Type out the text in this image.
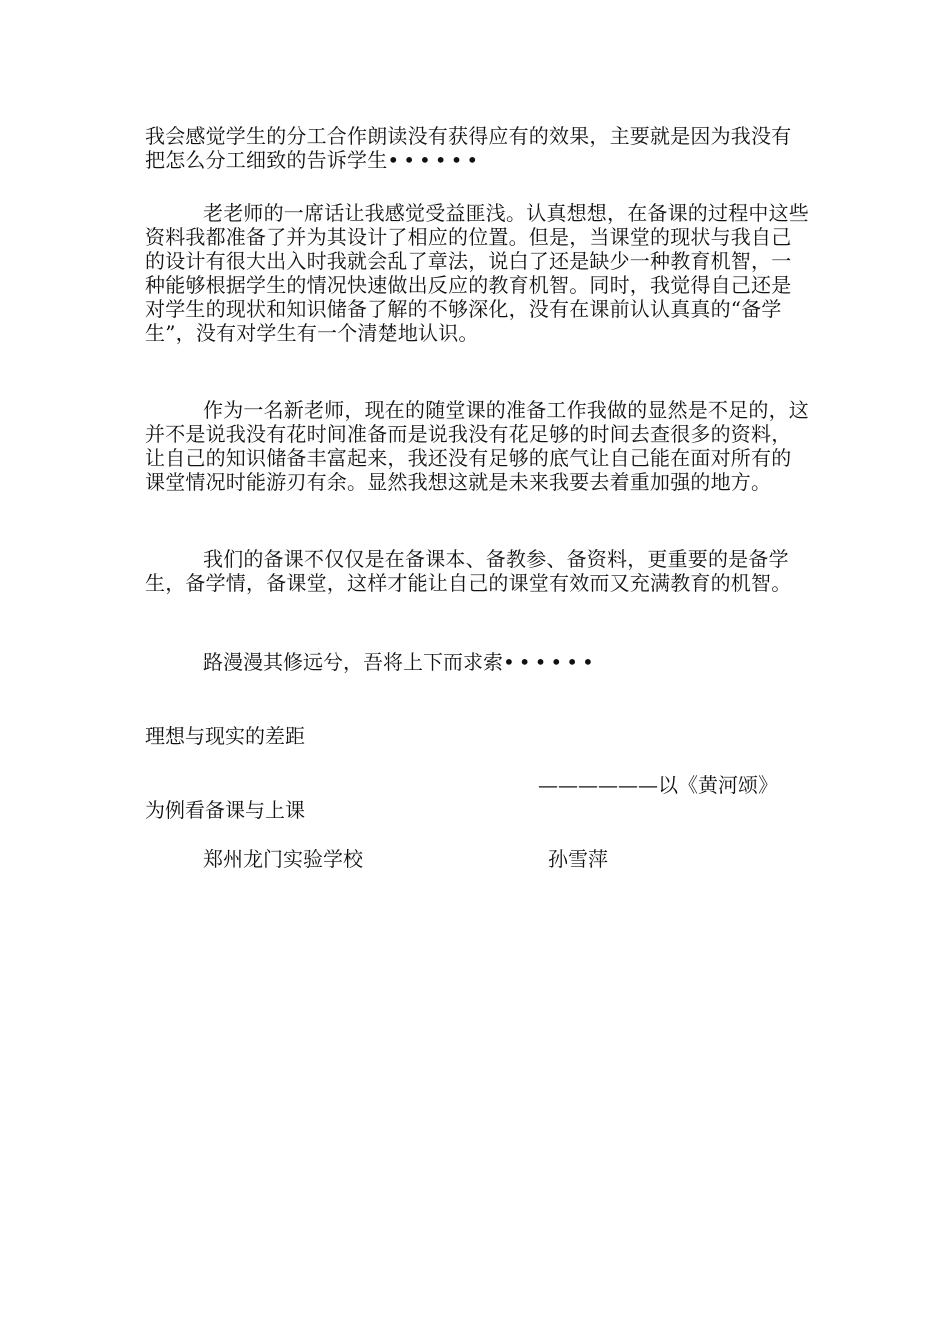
我会感觉学生的分工合作朗读没有获得应有的效果，主要就是因为我没有把怎么分工细致的告诉学生••••••
老老师的一席话让我感觉受益匪浅。认真想想，在备课的过程中这些资料我都准备了并为其设计了相应的位置。但是，当课堂的现状与我自己的设计有很大出入时我就会乱了章法，说白了还是缺少一种教育机智，一种能够根据学生的情况快速做出反应的教育机智。同时，我觉得自己还是对学生的现状和知识储备了解的不够深化，没有在课前认认真真的“备学生”，没有对学生有一个清楚地认识。
作为一名新老师，现在的随堂课的准备工作我做的显然是不足的，这并不是说我没有花时间准备而是说我没有花足够的时间去查很多的资料，让自己的知识储备丰富起来，我还没有足够的底气让自己能在面对所有的课堂情况时能游刃有余。显然我想这就是未来我要去着重加强的地方。
我们的备课不仅仅是在备课本、备教参、备资料，更重要的是备学生，备学情，备课堂，这样才能让自己的课堂有效而又充满教育的机智。
路漫漫其修远兮，吾将上下而求索••••••
理想与现实的差距
——————以《黄河颂》
为例看备课与上课
郑州龙门实验学校	孙雪萍
